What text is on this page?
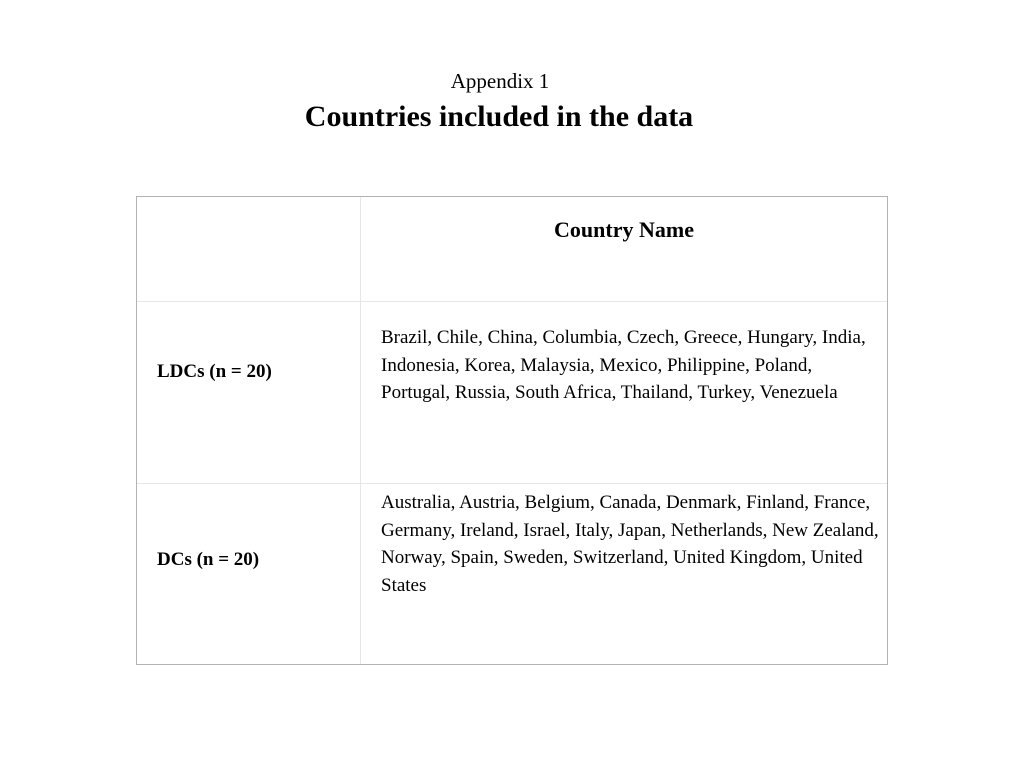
Appendix 1
Countries included in the data
Country Name
LDCs (n = 20)
Brazil, Chile, China, Columbia, Czech, Greece, Hungary, India, Indonesia, Korea, Malaysia, Mexico, Philippine, Poland, Portugal, Russia, South Africa, Thailand, Turkey, Venezuela
DCs (n = 20)
Australia, Austria, Belgium, Canada, Denmark, Finland, France, Germany, Ireland, Israel, Italy, Japan, Netherlands, New Zealand, Norway, Spain, Sweden, Switzerland, United Kingdom, United States
